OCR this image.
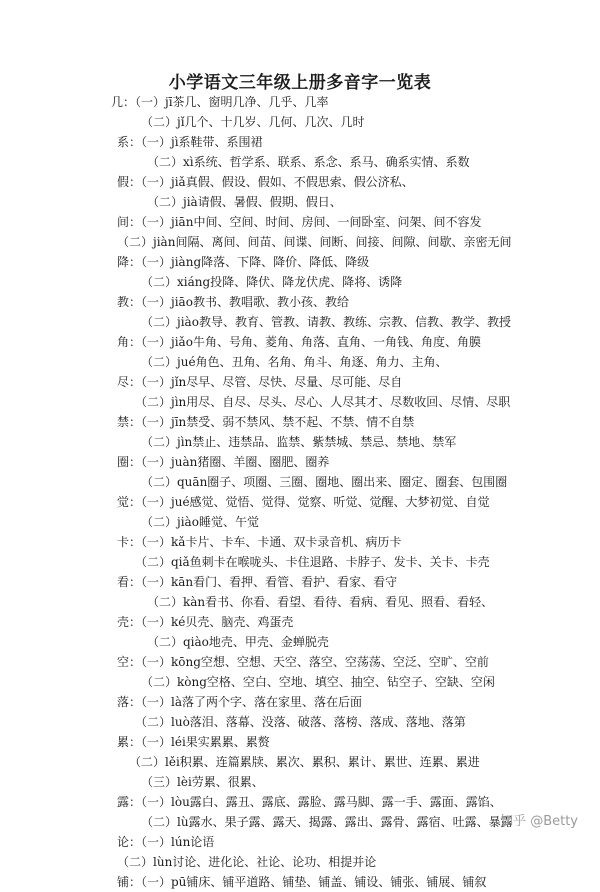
小学语文三年级上册多音字一览表
几：（一）jī茶几、窗明几净、几乎、几率
（二）jǐ几个、十几岁、几何、几次、几时
系：（一）jì系鞋带、系围裙
（二）xì系统、哲学系、联系、系念、系马、确系实情、系数
假：（一）jiǎ真假、假设、假如、不假思索、假公济私、
（二）jià请假、暑假、假期、假日、
间：（一）jiān中间、空间、时间、房间、一间卧室、问架、间不容发
（二）jiàn间隔、离间、间苗、间谍、间断、间接、间隙、间歇、亲密无间
降：（一）jiàng降落、下降、降价、降低、降级
（二）xiáng投降、降伏、降龙伏虎、降将、诱降
教：（一）jiāo教书、教唱歌、教小孩、教给
（二）jiào教导、教育、管教、请教、教练、宗教、信教、教学、教授
角：（一）jiǎo牛角、号角、菱角、角落、直角、一角钱、角度、角膜
（二）jué角色、丑角、名角、角斗、角逐、角力、主角、
尽：（一）jǐn尽早、尽管、尽快、尽量、尽可能、尽自
（二）jìn用尽、自尽、尽头、尽心、人尽其才、尽数收回、尽情、尽职
禁：（一）jīn禁受、弱不禁风、禁不起、不禁、情不自禁
（二）jìn禁止、违禁品、监禁、紫禁城、禁忌、禁地、禁军
圈：（一）juàn猪圈、羊圈、圈肥、圈养
（二）quān圈子、项圈、三圈、圈地、圈出来、圈定、圈套、包围圈
觉：（一）jué感觉、觉悟、觉得、觉察、听觉、觉醒、大梦初觉、自觉
（二）jiào睡觉、午觉
卡：（一）kǎ卡片、卡车、卡通、双卡录音机、病历卡
（二）qiǎ鱼刺卡在喉咙头、卡住退路、卡脖子、发卡、关卡、卡壳
看：（一）kān看门、看押、看管、看护、看家、看守
（二）kàn看书、你看、看望、看待、看病、看见、照看、看轻、
壳：（一）ké贝壳、脑壳、鸡蛋壳
（二）qiào地壳、甲壳、金蝉脱壳
空：（一）kōng空想、空想、天空、落空、空荡荡、空泛、空旷、空前
（二）kòng空格、空白、空地、填空、抽空、钻空子、空缺、空闲
落：（一）là落了两个字、落在家里、落在后面
（二）luò落泪、落幕、没落、破落、落榜、落成、落地、落第
累：（一）léi果实累累、累赘
（二）lěi积累、连篇累牍、累次、累积、累计、累世、连累、累进
（三）lèi劳累、很累、
露：（一）lòu露白、露丑、露底、露脸、露马脚、露一手、露面、露馅、
（二）lù露水、果子露、露天、揭露、露出、露骨、露宿、吐露、暴露
论：（一）lún论语
（二）lùn讨论、进化论、社论、论功、相提并论
铺：（一）pū铺床、铺平道路、铺垫、铺盖、铺设、铺张、铺展、铺叙
知乎 @Betty
